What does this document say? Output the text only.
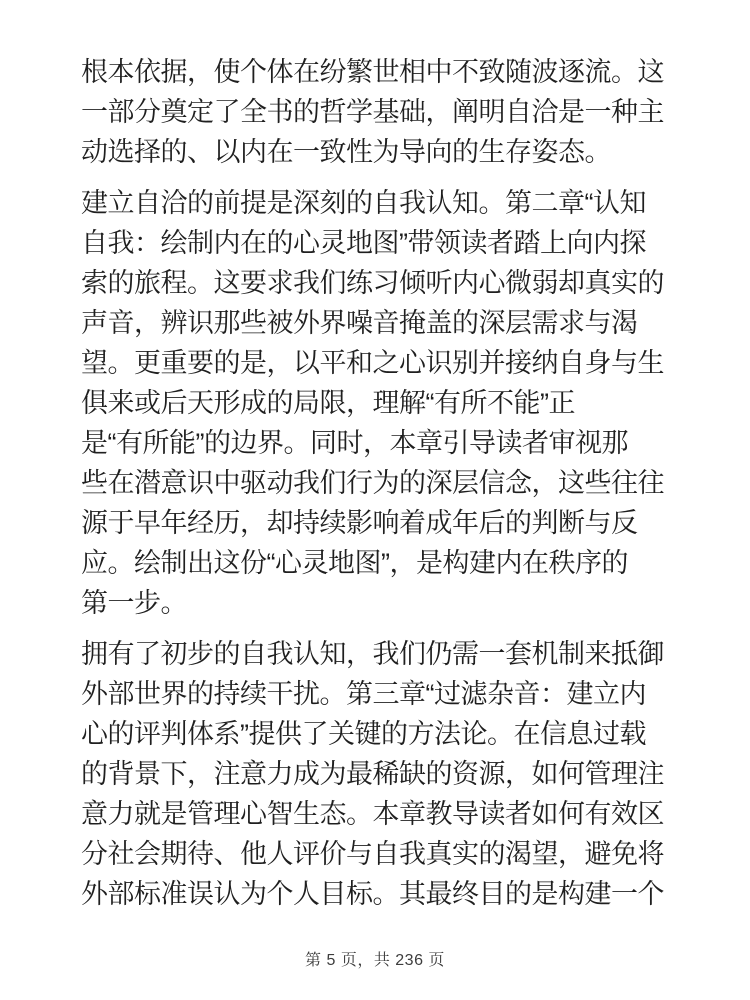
根本依据，使个体在纷繁世相中不致随波逐流。这
一部分奠定了全书的哲学基础，阐明自洽是一种主
动选择的、以内在一致性为导向的生存姿态。
建立自洽的前提是深刻的自我认知。第二章“认知
自我：绘制内在的心灵地图”带领读者踏上向内探
索的旅程。这要求我们练习倾听内心微弱却真实的
声音，辨识那些被外界噪音掩盖的深层需求与渴
望。更重要的是，以平和之心识别并接纳自身与生
俱来或后天形成的局限，理解“有所不能”正
是“有所能”的边界。同时，本章引导读者审视那
些在潜意识中驱动我们行为的深层信念，这些往往
源于早年经历，却持续影响着成年后的判断与反
应。绘制出这份“心灵地图”，是构建内在秩序的
第一步。
拥有了初步的自我认知，我们仍需一套机制来抵御
外部世界的持续干扰。第三章“过滤杂音：建立内
心的评判体系”提供了关键的方法论。在信息过载
的背景下，注意力成为最稀缺的资源，如何管理注
意力就是管理心智生态。本章教导读者如何有效区
分社会期待、他人评价与自我真实的渴望，避免将
外部标准误认为个人目标。其最终目的是构建一个
第 5 页，共 236 页
